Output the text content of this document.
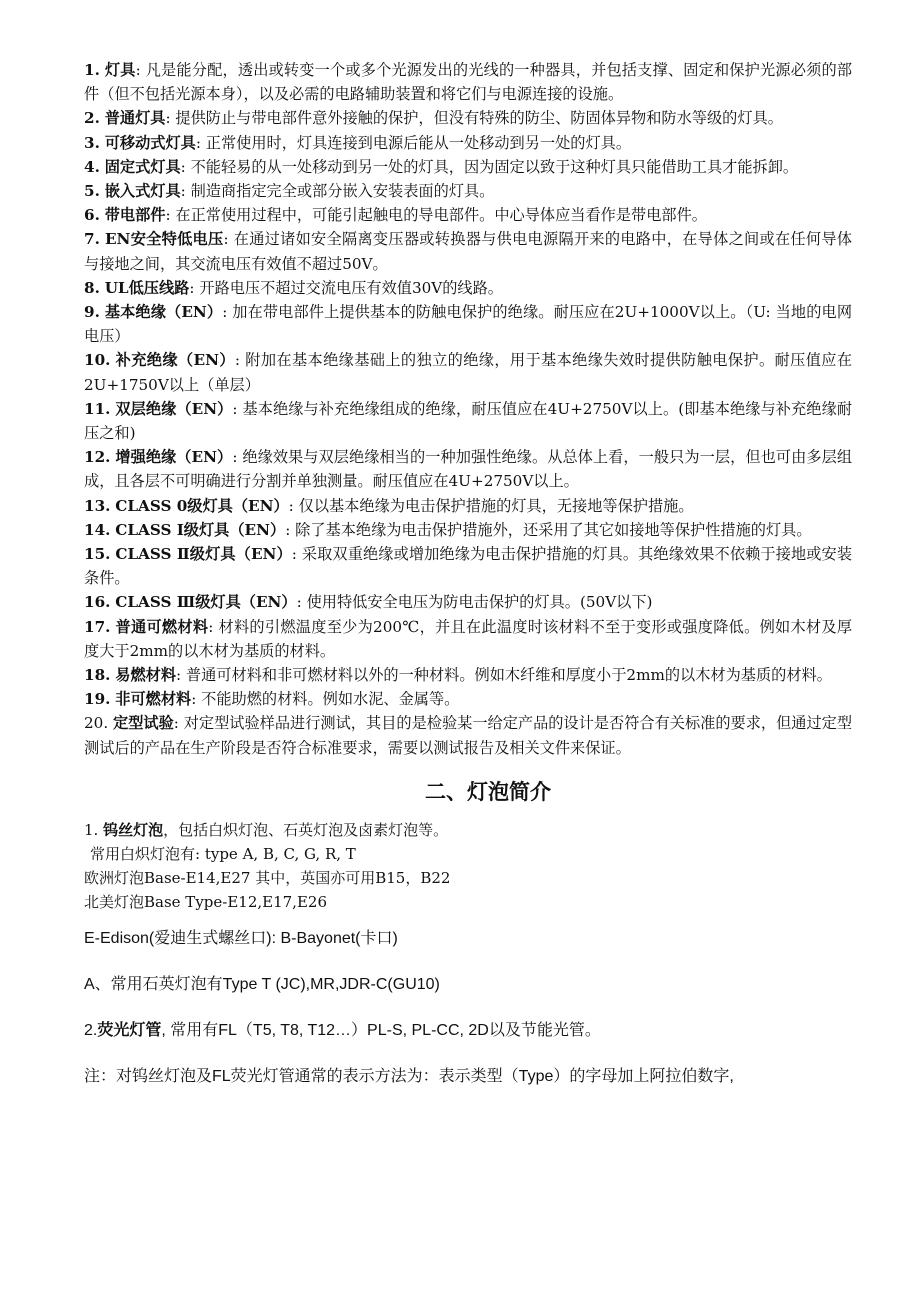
1. 灯具: 凡是能分配，透出或转变一个或多个光源发出的光线的一种器具，并包括支撑、固定和保护光源必须的部件（但不包括光源本身），以及必需的电路辅助装置和将它们与电源连接的设施。

2. 普通灯具: 提供防止与带电部件意外接触的保护，但没有特殊的防尘、防固体异物和防水等级的灯具。

3. 可移动式灯具: 正常使用时，灯具连接到电源后能从一处移动到另一处的灯具。

4. 固定式灯具: 不能轻易的从一处移动到另一处的灯具，因为固定以致于这种灯具只能借助工具才能拆卸。

5. 嵌入式灯具: 制造商指定完全或部分嵌入安装表面的灯具。

6. 带电部件: 在正常使用过程中，可能引起触电的导电部件。中心导体应当看作是带电部件。

7. EN安全特低电压: 在通过诸如安全隔离变压器或转换器与供电电源隔开来的电路中，在导体之间或在任何导体与接地之间，其交流电压有效值不超过50V。

8. UL低压线路: 开路电压不超过交流电压有效值30V的线路。

9. 基本绝缘（EN）: 加在带电部件上提供基本的防触电保护的绝缘。耐压应在2U+1000V以上。（U: 当地的电网电压）

10. 补充绝缘（EN）: 附加在基本绝缘基础上的独立的绝缘，用于基本绝缘失效时提供防触电保护。耐压值应在2U+1750V以上（单层）

11. 双层绝缘（EN）: 基本绝缘与补充绝缘组成的绝缘，耐压值应在4U+2750V以上。(即基本绝缘与补充绝缘耐压之和)

12. 增强绝缘（EN）: 绝缘效果与双层绝缘相当的一种加强性绝缘。从总体上看，一般只为一层，但也可由多层组成，且各层不可明确进行分割并单独测量。耐压值应在4U+2750V以上。

13. CLASS 0级灯具（EN）: 仅以基本绝缘为电击保护措施的灯具，无接地等保护措施。

14. CLASS Ⅰ级灯具（EN）: 除了基本绝缘为电击保护措施外，还采用了其它如接地等保护性措施的灯具。

15. CLASS Ⅱ级灯具（EN）: 采取双重绝缘或增加绝缘为电击保护措施的灯具。其绝缘效果不依赖于接地或安装条件。

16. CLASS Ⅲ级灯具（EN）: 使用特低安全电压为防电击保护的灯具。(50V以下)

17. 普通可燃材料: 材料的引燃温度至少为200℃，并且在此温度时该材料不至于变形或强度降低。例如木材及厚度大于2mm的以木材为基质的材料。

18. 易燃材料: 普通可材料和非可燃材料以外的一种材料。例如木纤维和厚度小于2mm的以木材为基质的材料。

19. 非可燃材料: 不能助燃的材料。例如水泥、金属等。

20. 定型试验: 对定型试验样品进行测试，其目的是检验某一给定产品的设计是否符合有关标准的要求，但通过定型测试后的产品在生产阶段是否符合标准要求，需要以测试报告及相关文件来保证。

二、灯泡简介

1. 钨丝灯泡，包括白炽灯泡、石英灯泡及卤素灯泡等。

常用白炽灯泡有: type A, B, C, G, R, T

欧洲灯泡Base-E14,E27 其中，英国亦可用B15，B22

北美灯泡Base Type-E12,E17,E26

E-Edison(爱迪生式螺丝口): B-Bayonet(卡口)

A、常用石英灯泡有Type T (JC),MR,JDR-C(GU10)

2.荧光灯管, 常用有FL（T5, T8, T12…）PL-S, PL-CC, 2D以及节能光管。

注：对钨丝灯泡及FL荧光灯管通常的表示方法为：表示类型（Type）的字母加上阿拉伯数字,
